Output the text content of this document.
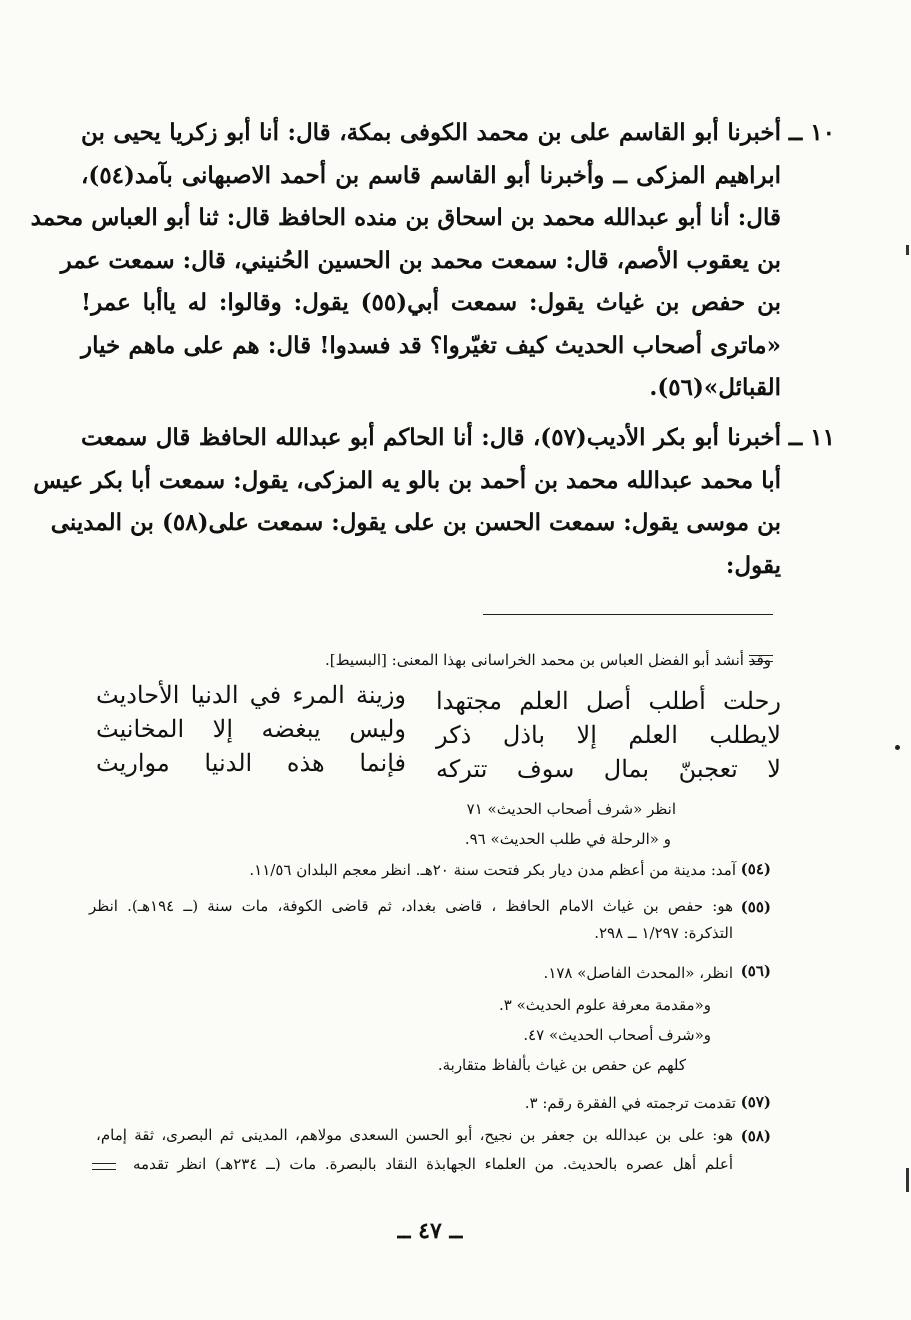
١٠ ــ
أخبرنا أبو القاسم على بن محمد الكوفى بمكة، قال: أنا أبو زكريا يحيى بن
ابراهيم المزكى ــ وأخبرنا أبو القاسم قاسم بن أحمد الاصبهانى بآمد(٥٤)،
قال: أنا أبو عبدالله محمد بن اسحاق بن منده الحافظ قال: ثنا أبو العباس محمد
بن يعقوب الأصم، قال: سمعت محمد بن الحسين الحُنيني، قال: سمعت عمر
بن حفص بن غياث يقول: سمعت أبي(٥٥) يقول: وقالوا: له ياأبا عمر!
«ماترى أصحاب الحديث كيف تغيّروا؟ قد فسدوا! قال: هم على ماهم خيار
القبائل»(٥٦).
١١ ــ
أخبرنا أبو بكر الأديب(٥٧)، قال: أنا الحاكم أبو عبدالله الحافظ قال سمعت
أبا محمد عبدالله محمد بن أحمد بن بالو يه المزكى، يقول: سمعت أبا بكر عيس
بن موسى يقول: سمعت الحسن بن على يقول: سمعت على(٥٨) بن المدينى
يقول:
وقد أنشد أبو الفضل العباس بن محمد الخراسانى بهذا المعنى: [البسيط].
رحلت أطلب أصل العلم مجتهدا
لايطلب العلم إلا باذل ذكر
لا تعجبنّ بمال سوف تتركه
وزينة المرء في الدنيا الأحاديث
وليس يبغضه إلا المخانيث
فإنما هذه الدنيا مواريث
انظر «شرف أصحاب الحديث» ٧١
و «الرحلة في طلب الحديث» ٩٦.
(٥٤)
آمد: مدينة من أعظم مدن ديار بكر فتحت سنة ٢٠هـ. انظر معجم البلدان ١١/٥٦.
(٥٥)
هو: حفص بن غياث الامام الحافظ ، قاضى بغداد، ثم قاضى الكوفة، مات سنة (ــ ١٩٤هـ). انظر
التذكرة: ١/٢٩٧ ــ ٢٩٨.
(٥٦)
انظر، «المحدث الفاصل» ١٧٨.
و«مقدمة معرفة علوم الحديث» ٣.
و«شرف أصحاب الحديث» ٤٧.
كلهم عن حفص بن غياث بألفاظ متقاربة.
(٥٧)
تقدمت ترجمته في الفقرة رقم: ٣.
(٥٨)
هو: على بن عبدالله بن جعفر بن نجيح، أبو الحسن السعدى مولاهم، المدينى ثم البصرى، ثقة إمام،
أعلم أهل عصره بالحديث. من العلماء الجهابذة النقاد بالبصرة. مات (ــ ٢٣٤هـ) انظر تقدمه
ــ ٤٧ ــ
